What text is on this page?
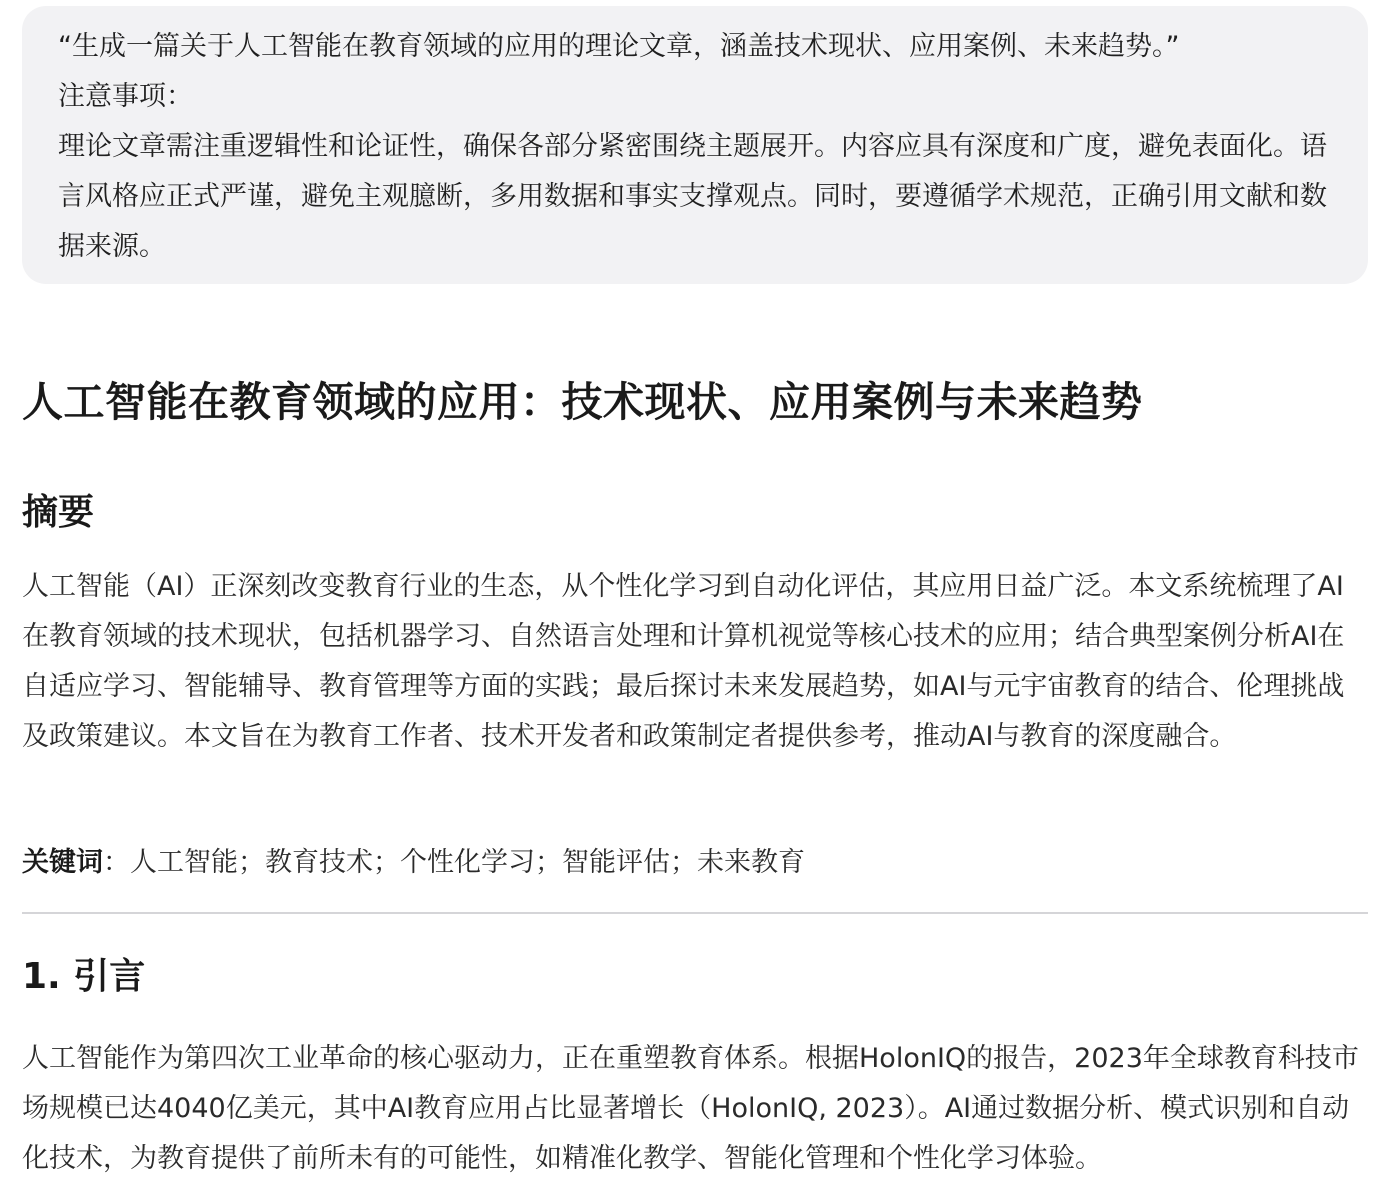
“生成一篇关于人工智能在教育领域的应用的理论文章，涵盖技术现状、应用案例、未来趋势。”
注意事项：
理论文章需注重逻辑性和论证性，确保各部分紧密围绕主题展开。内容应具有深度和广度，避免表面化。语言风格应正式严谨，避免主观臆断，多用数据和事实支撑观点。同时，要遵循学术规范，正确引用文献和数据来源。
人工智能在教育领域的应用：技术现状、应用案例与未来趋势
摘要
人工智能（AI）正深刻改变教育行业的生态，从个性化学习到自动化评估，其应用日益广泛。本文系统梳理了AI在教育领域的技术现状，包括机器学习、自然语言处理和计算机视觉等核心技术的应用；结合典型案例分析AI在自适应学习、智能辅导、教育管理等方面的实践；最后探讨未来发展趋势，如AI与元宇宙教育的结合、伦理挑战及政策建议。本文旨在为教育工作者、技术开发者和政策制定者提供参考，推动AI与教育的深度融合。
关键词：人工智能；教育技术；个性化学习；智能评估；未来教育
1. 引言
人工智能作为第四次工业革命的核心驱动力，正在重塑教育体系。根据HolonIQ的报告，2023年全球教育科技市场规模已达4040亿美元，其中AI教育应用占比显著增长（HolonIQ, 2023）。AI通过数据分析、模式识别和自动化技术，为教育提供了前所未有的可能性，如精准化教学、智能化管理和个性化学习体验。
